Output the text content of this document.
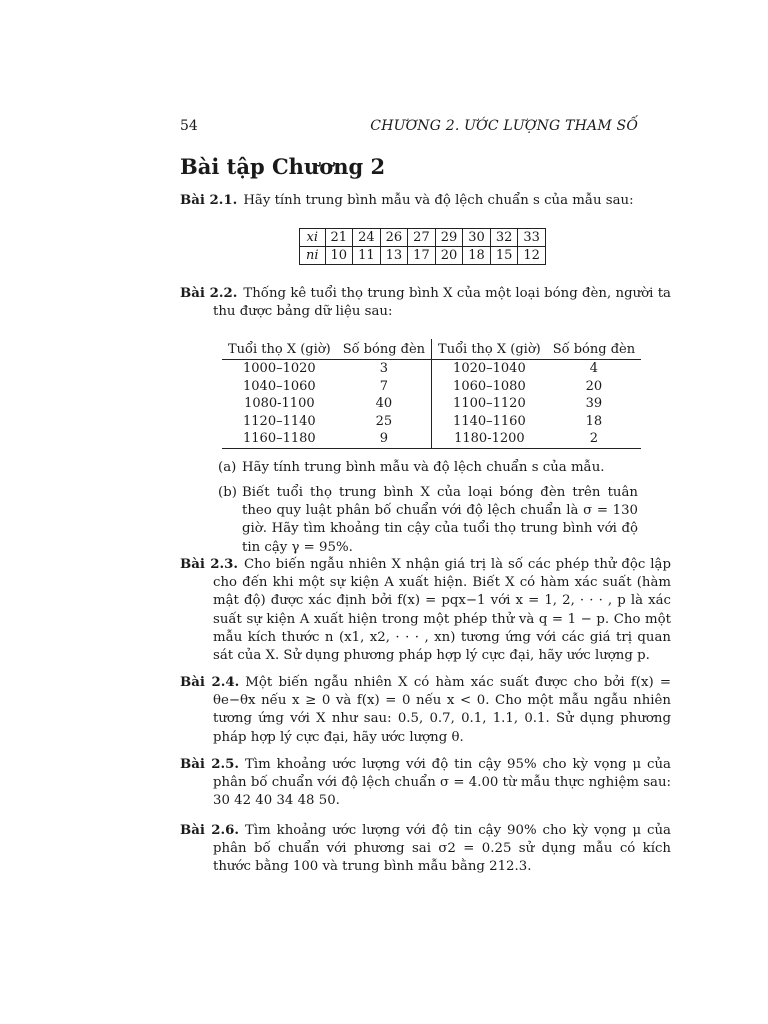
54	CHƯƠNG 2. ƯỚC LƯỢNG THAM SỐ
Bài tập Chương 2
Bài 2.1. Hãy tính trung bình mẫu và độ lệch chuẩn s của mẫu sau:
xi	21	24	26	27	29	30	32	33
ni	10	11	13	17	20	18	15	12
Bài 2.2. Thống kê tuổi thọ trung bình X của một loại bóng đèn, người ta thu được bảng dữ liệu sau:
Tuổi thọ X (giờ)	Số bóng đèn	Tuổi thọ X (giờ)	Số bóng đèn
1000–1020	3	1020–1040	4
1040–1060	7	1060–1080	20
1080-1100	40	1100–1120	39
1120–1140	25	1140–1160	18
1160–1180	9	1180-1200	2
(a) Hãy tính trung bình mẫu và độ lệch chuẩn s của mẫu.
(b) Biết tuổi thọ trung bình X của loại bóng đèn trên tuân theo quy luật phân bố chuẩn với độ lệch chuẩn là σ = 130 giờ. Hãy tìm khoảng tin cậy của tuổi thọ trung bình với độ tin cậy γ = 95%.
Bài 2.3. Cho biến ngẫu nhiên X nhận giá trị là số các phép thử độc lập cho đến khi một sự kiện A xuất hiện. Biết X có hàm xác suất (hàm mật độ) được xác định bởi f(x) = pqx−1 với x = 1, 2, · · · , p là xác suất sự kiện A xuất hiện trong một phép thử và q = 1 − p. Cho một mẫu kích thước n (x1, x2, · · · , xn) tương ứng với các giá trị quan sát của X. Sử dụng phương pháp hợp lý cực đại, hãy ước lượng p.
Bài 2.4. Một biến ngẫu nhiên X có hàm xác suất được cho bởi f(x) = θe−θx nếu x ≥ 0 và f(x) = 0 nếu x < 0. Cho một mẫu ngẫu nhiên tương ứng với X như sau: 0.5, 0.7, 0.1, 1.1, 0.1. Sử dụng phương pháp hợp lý cực đại, hãy ước lượng θ.
Bài 2.5. Tìm khoảng ước lượng với độ tin cậy 95% cho kỳ vọng μ của phân bố chuẩn với độ lệch chuẩn σ = 4.00 từ mẫu thực nghiệm sau: 30 42 40 34 48 50.
Bài 2.6. Tìm khoảng ước lượng với độ tin cậy 90% cho kỳ vọng μ của phân bố chuẩn với phương sai σ2 = 0.25 sử dụng mẫu có kích thước bằng 100 và trung bình mẫu bằng 212.3.
